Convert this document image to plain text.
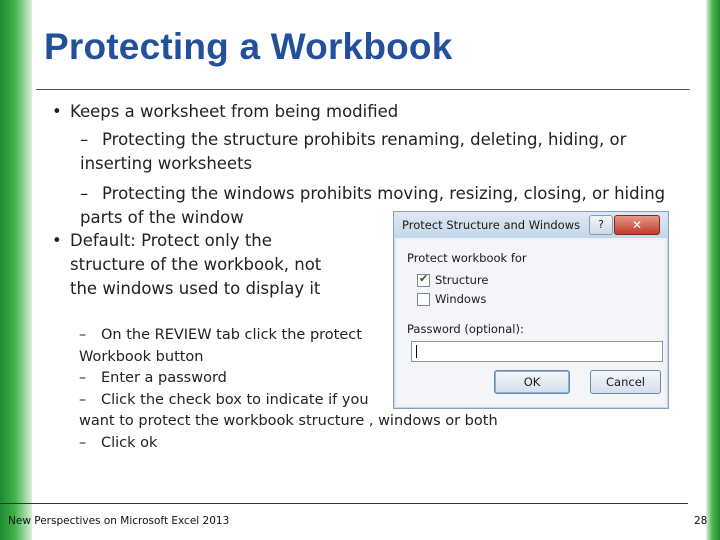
Protecting a Workbook
• Keeps a worksheet from being modified
– Protecting the structure prohibits renaming, deleting, hiding, or inserting worksheets
– Protecting the windows prohibits moving, resizing, closing, or hiding parts of the window
• Default: Protect only the
structure of the workbook, not
the windows used to display it
– On the REVIEW tab click the protect
Workbook button
– Enter a password
– Click the check box to indicate if you
want to protect the workbook structure , windows or both
– Click ok
Protect Structure and Windows	?	✕
Protect workbook for
✔ Structure
Windows
Password (optional):
OK	Cancel
New Perspectives on Microsoft Excel 2013	28
